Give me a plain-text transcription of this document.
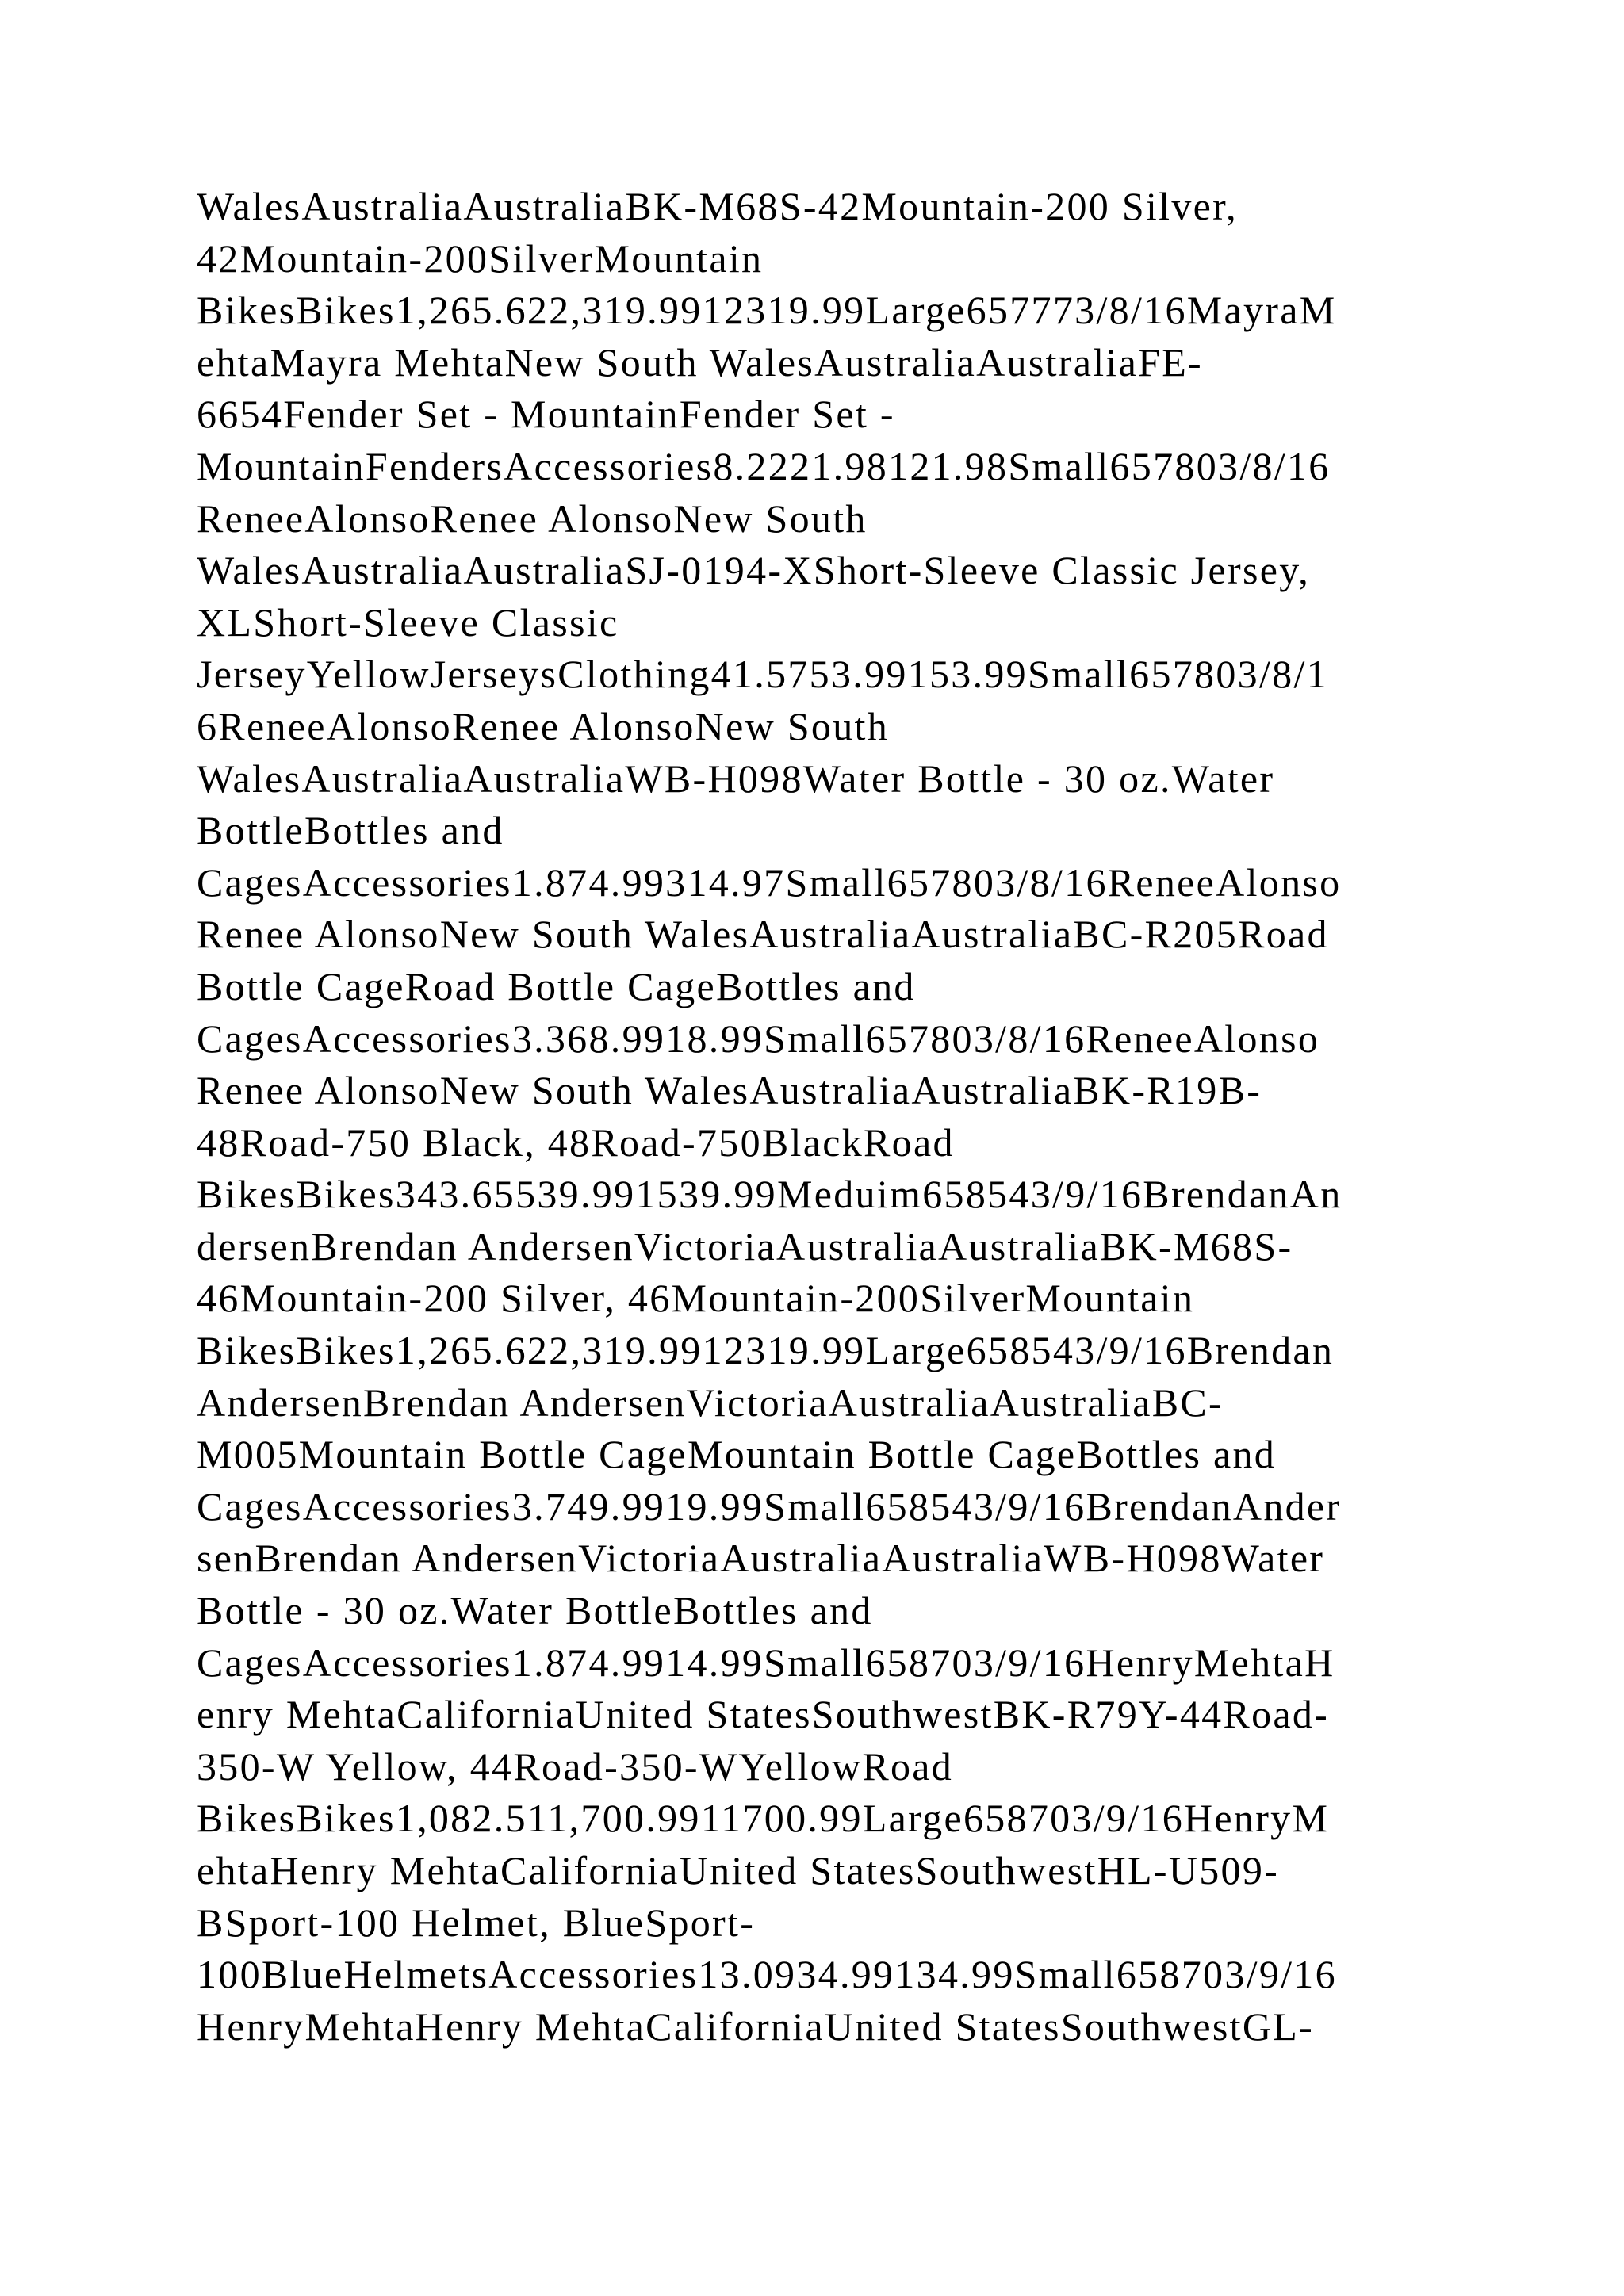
WalesAustraliaAustraliaBK-M68S-42Mountain-200 Silver,
42Mountain-200SilverMountain
BikesBikes1,265.622,319.9912319.99Large657773/8/16MayraM
ehtaMayra MehtaNew South WalesAustraliaAustraliaFE-
6654Fender Set - MountainFender Set -
MountainFendersAccessories8.2221.98121.98Small657803/8/16
ReneeAlonsoRenee AlonsoNew South
WalesAustraliaAustraliaSJ-0194-XShort-Sleeve Classic Jersey,
XLShort-Sleeve Classic
JerseyYellowJerseysClothing41.5753.99153.99Small657803/8/1
6ReneeAlonsoRenee AlonsoNew South
WalesAustraliaAustraliaWB-H098Water Bottle - 30 oz.Water
BottleBottles and
CagesAccessories1.874.99314.97Small657803/8/16ReneeAlonso
Renee AlonsoNew South WalesAustraliaAustraliaBC-R205Road
Bottle CageRoad Bottle CageBottles and
CagesAccessories3.368.9918.99Small657803/8/16ReneeAlonso
Renee AlonsoNew South WalesAustraliaAustraliaBK-R19B-
48Road-750 Black, 48Road-750BlackRoad
BikesBikes343.65539.991539.99Meduim658543/9/16BrendanAn
dersenBrendan AndersenVictoriaAustraliaAustraliaBK-M68S-
46Mountain-200 Silver, 46Mountain-200SilverMountain
BikesBikes1,265.622,319.9912319.99Large658543/9/16Brendan
AndersenBrendan AndersenVictoriaAustraliaAustraliaBC-
M005Mountain Bottle CageMountain Bottle CageBottles and
CagesAccessories3.749.9919.99Small658543/9/16BrendanAnder
senBrendan AndersenVictoriaAustraliaAustraliaWB-H098Water
Bottle - 30 oz.Water BottleBottles and
CagesAccessories1.874.9914.99Small658703/9/16HenryMehtaH
enry MehtaCaliforniaUnited StatesSouthwestBK-R79Y-44Road-
350-W Yellow, 44Road-350-WYellowRoad
BikesBikes1,082.511,700.9911700.99Large658703/9/16HenryM
ehtaHenry MehtaCaliforniaUnited StatesSouthwestHL-U509-
BSport-100 Helmet, BlueSport-
100BlueHelmetsAccessories13.0934.99134.99Small658703/9/16
HenryMehtaHenry MehtaCaliforniaUnited StatesSouthwestGL-
